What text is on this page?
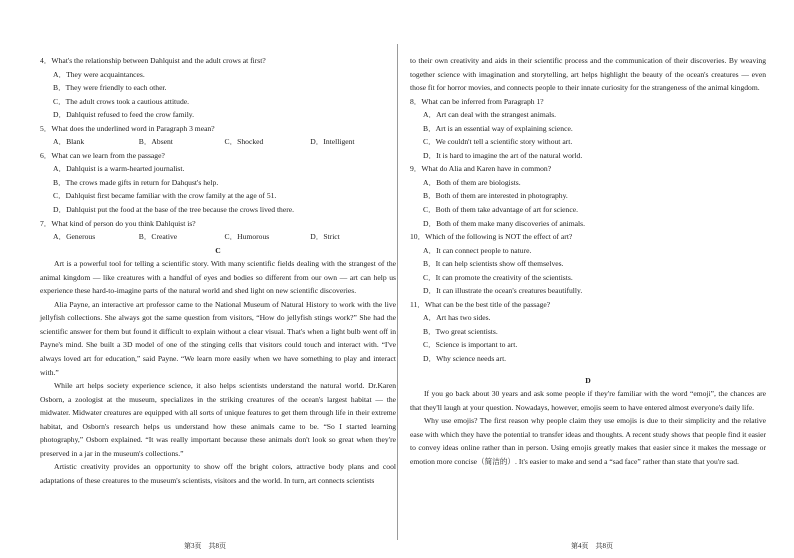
4．What's the relationship between Dahlquist and the adult crows at first?

A．They were acquaintances.

B．They were friendly to each other.

C．The adult crows took a cautious attitude.

D．Dahlquist refused to feed the crow family.

5．What does the underlined word in Paragraph 3 mean?

A．Blank	B．Absent	C．Shocked	D．Intelligent

6．What can we learn from the passage?

A．Dahlquist is a warm-hearted journalist.

B．The crows made gifts in return for Dahqust's help.

C．Dahlquist first became familiar with the crow family at the age of 51.

D．Dahlquist put the food at the base of the tree because the crows lived there.

7．What kind of person do you think Dahlquist is?

A．Generous	B．Creative	C．Humorous	D．Strict

C

Art is a powerful tool for telling a scientific story. With many scientific fields dealing with the strangest of the animal kingdom — like creatures with a handful of eyes and bodies so different from our own — art can help us experience these hard-to-imagine parts of the natural world and shed light on new scientific discoveries.

Alia Payne, an interactive art professor came to the National Museum of Natural History to work with the live jellyfish collections. She always got the same question from visitors, “How do jellyfish stings work?” She had the scientific answer for them but found it difficult to explain without a clear visual. That's when a light bulb went off in Payne's mind. She built a 3D model of one of the stinging cells that visitors could touch and interact with. “I've always loved art for education,” said Payne. “We learn more easily when we have something to play and interact with.”

While art helps society experience science, it also helps scientists understand the natural world. Dr.Karen Osborn, a zoologist at the museum, specializes in the striking creatures of the ocean's largest habitat — the midwater. Midwater creatures are equipped with all sorts of unique features to get them through life in their extreme habitat, and Osborn's research helps us understand how these animals came to be. “So I started learning photography,” Osborn explained. “It was really important because these animals don't look so great when they're preserved in a jar in the museum's collections.”

Artistic creativity provides an opportunity to show off the bright colors, attractive body plans and cool adaptations of these creatures to the museum's scientists, visitors and the world. In turn, art connects scientists

to their own creativity and aids in their scientific process and the communication of their discoveries. By weaving together science with imagination and storytelling, art helps highlight the beauty of the ocean's creatures — even those fit for horror movies, and connects people to their innate curiosity for the strangeness of the animal kingdom.

8．What can be inferred from Paragraph 1?

A．Art can deal with the strangest animals.

B．Art is an essential way of explaining science.

C．We couldn't tell a scientific story without art.

D．It is hard to imagine the art of the natural world.

9．What do Alia and Karen have in common?

A．Both of them are biologists.

B．Both of them are interested in photography.

C．Both of them take advantage of art for science.

D．Both of them make many discoveries of animals.

10．Which of the following is NOT the effect of art?

A．It can connect people to nature.

B．It can help scientists show off themselves.

C．It can promote the creativity of the scientists.

D．It can illustrate the ocean's creatures beautifully.

11．What can be the best title of the passage?

A．Art has two sides.

B．Two great scientists.

C．Science is important to art.

D．Why science needs art.

D

If you go back about 30 years and ask some people if they're familiar with the word “emoji”, the chances are that they'll laugh at your question. Nowadays, however, emojis seem to have entered almost everyone's daily life.

Why use emojis? The first reason why people claim they use emojis is due to their simplicity and the relative ease with which they have the potential to transfer ideas and thoughts. A recent study shows that people find it easier to convey ideas online rather than in person. Using emojis greatly makes that easier since it makes the message or emotion more concise（简洁的）. It's easier to make and send a “sad face” rather than state that you're sad.

第3页　共8页	第4页　共8页
